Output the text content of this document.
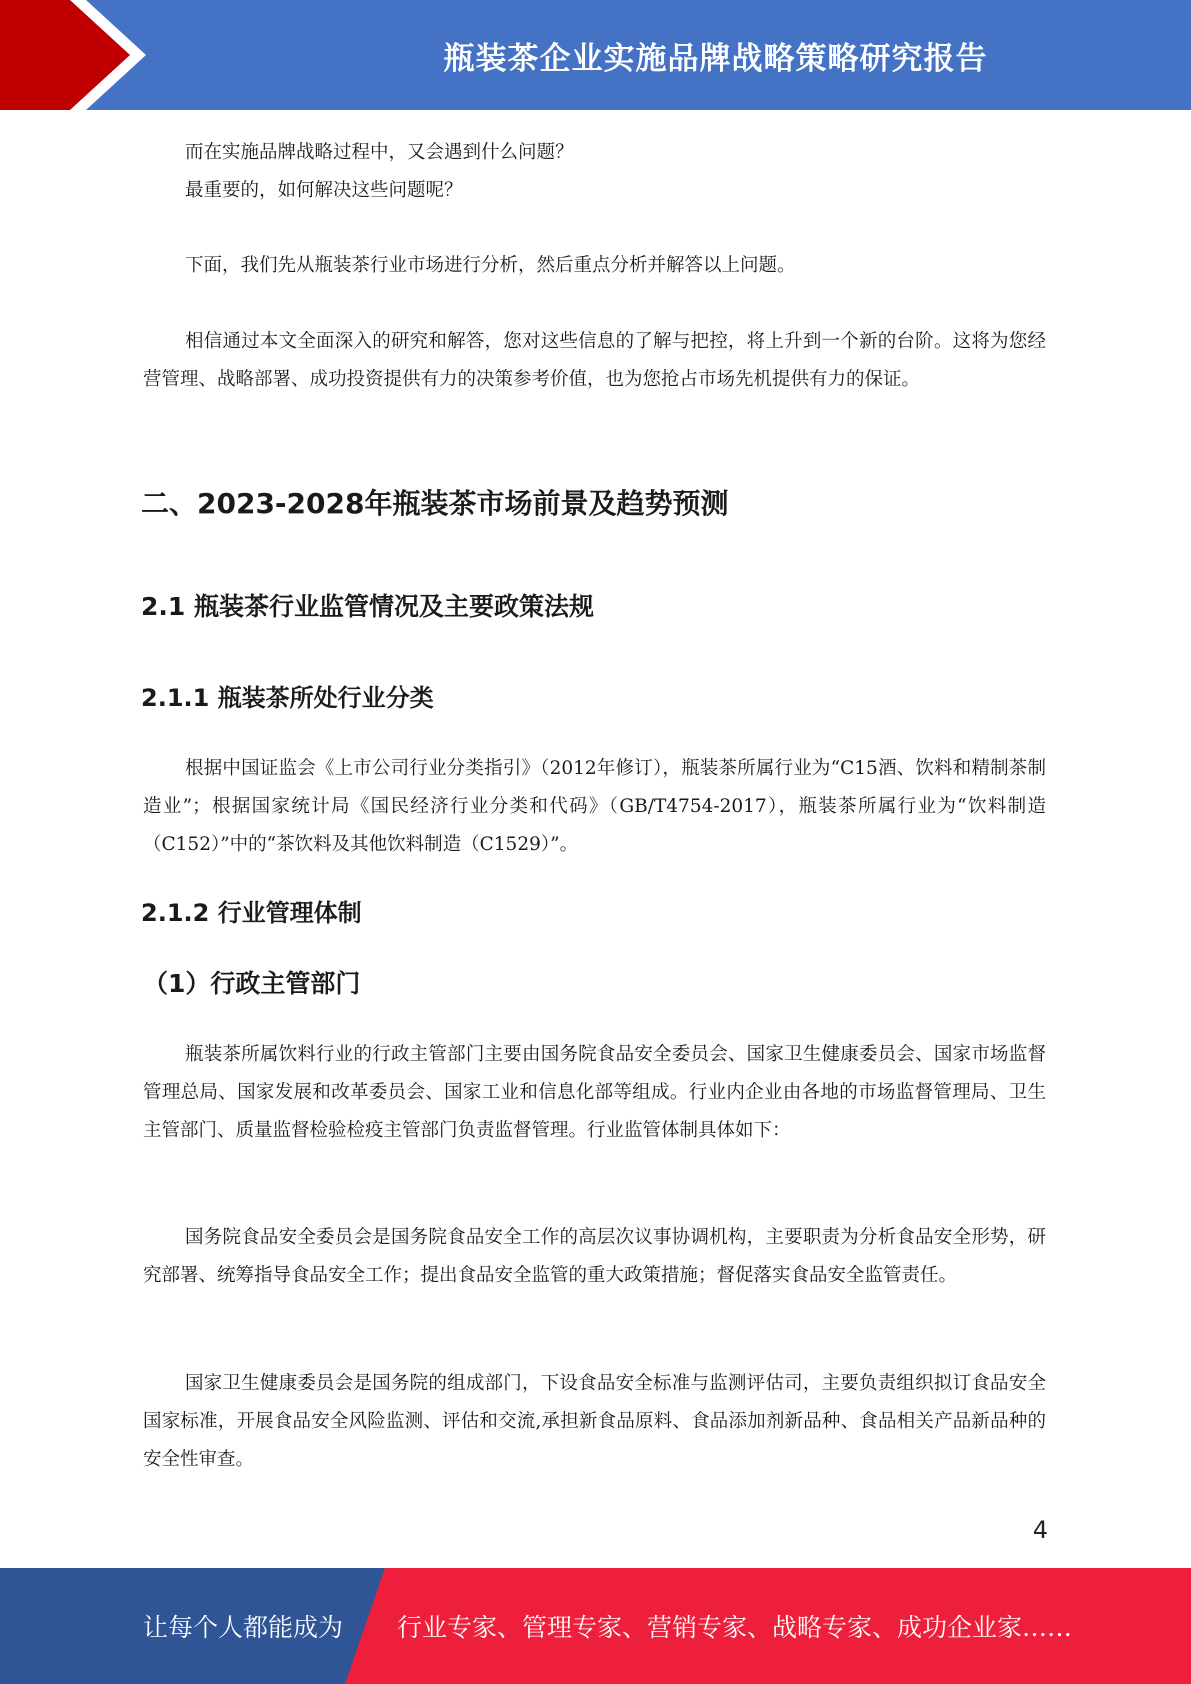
瓶装茶企业实施品牌战略策略研究报告

而在实施品牌战略过程中，又会遇到什么问题？

最重要的，如何解决这些问题呢？

下面，我们先从瓶装茶行业市场进行分析，然后重点分析并解答以上问题。

相信通过本文全面深入的研究和解答，您对这些信息的了解与把控，将上升到一个新的台阶。这将为您经营管理、战略部署、成功投资提供有力的决策参考价值，也为您抢占市场先机提供有力的保证。

二、2023-2028年瓶装茶市场前景及趋势预测
2.1 瓶装茶行业监管情况及主要政策法规
2.1.1 瓶装茶所处行业分类

根据中国证监会《上市公司行业分类指引》（2012年修订），瓶装茶所属行业为“C15酒、饮料和精制茶制造业”；根据国家统计局《国民经济行业分类和代码》（GB/T4754-2017），瓶装茶所属行业为“饮料制造（C152）”中的“茶饮料及其他饮料制造（C1529）”。

2.1.2 行业管理体制
（1）行政主管部门

瓶装茶所属饮料行业的行政主管部门主要由国务院食品安全委员会、国家卫生健康委员会、国家市场监督管理总局、国家发展和改革委员会、国家工业和信息化部等组成。行业内企业由各地的市场监督管理局、卫生主管部门、质量监督检验检疫主管部门负责监督管理。行业监管体制具体如下：

国务院食品安全委员会是国务院食品安全工作的高层次议事协调机构，主要职责为分析食品安全形势，研究部署、统筹指导食品安全工作；提出食品安全监管的重大政策措施；督促落实食品安全监管责任。

国家卫生健康委员会是国务院的组成部门，下设食品安全标准与监测评估司，主要负责组织拟订食品安全国家标准，开展食品安全风险监测、评估和交流,承担新食品原料、食品添加剂新品种、食品相关产品新品种的安全性审查。

4
让每个人都能成为 行业专家、管理专家、营销专家、战略专家、成功企业家……
